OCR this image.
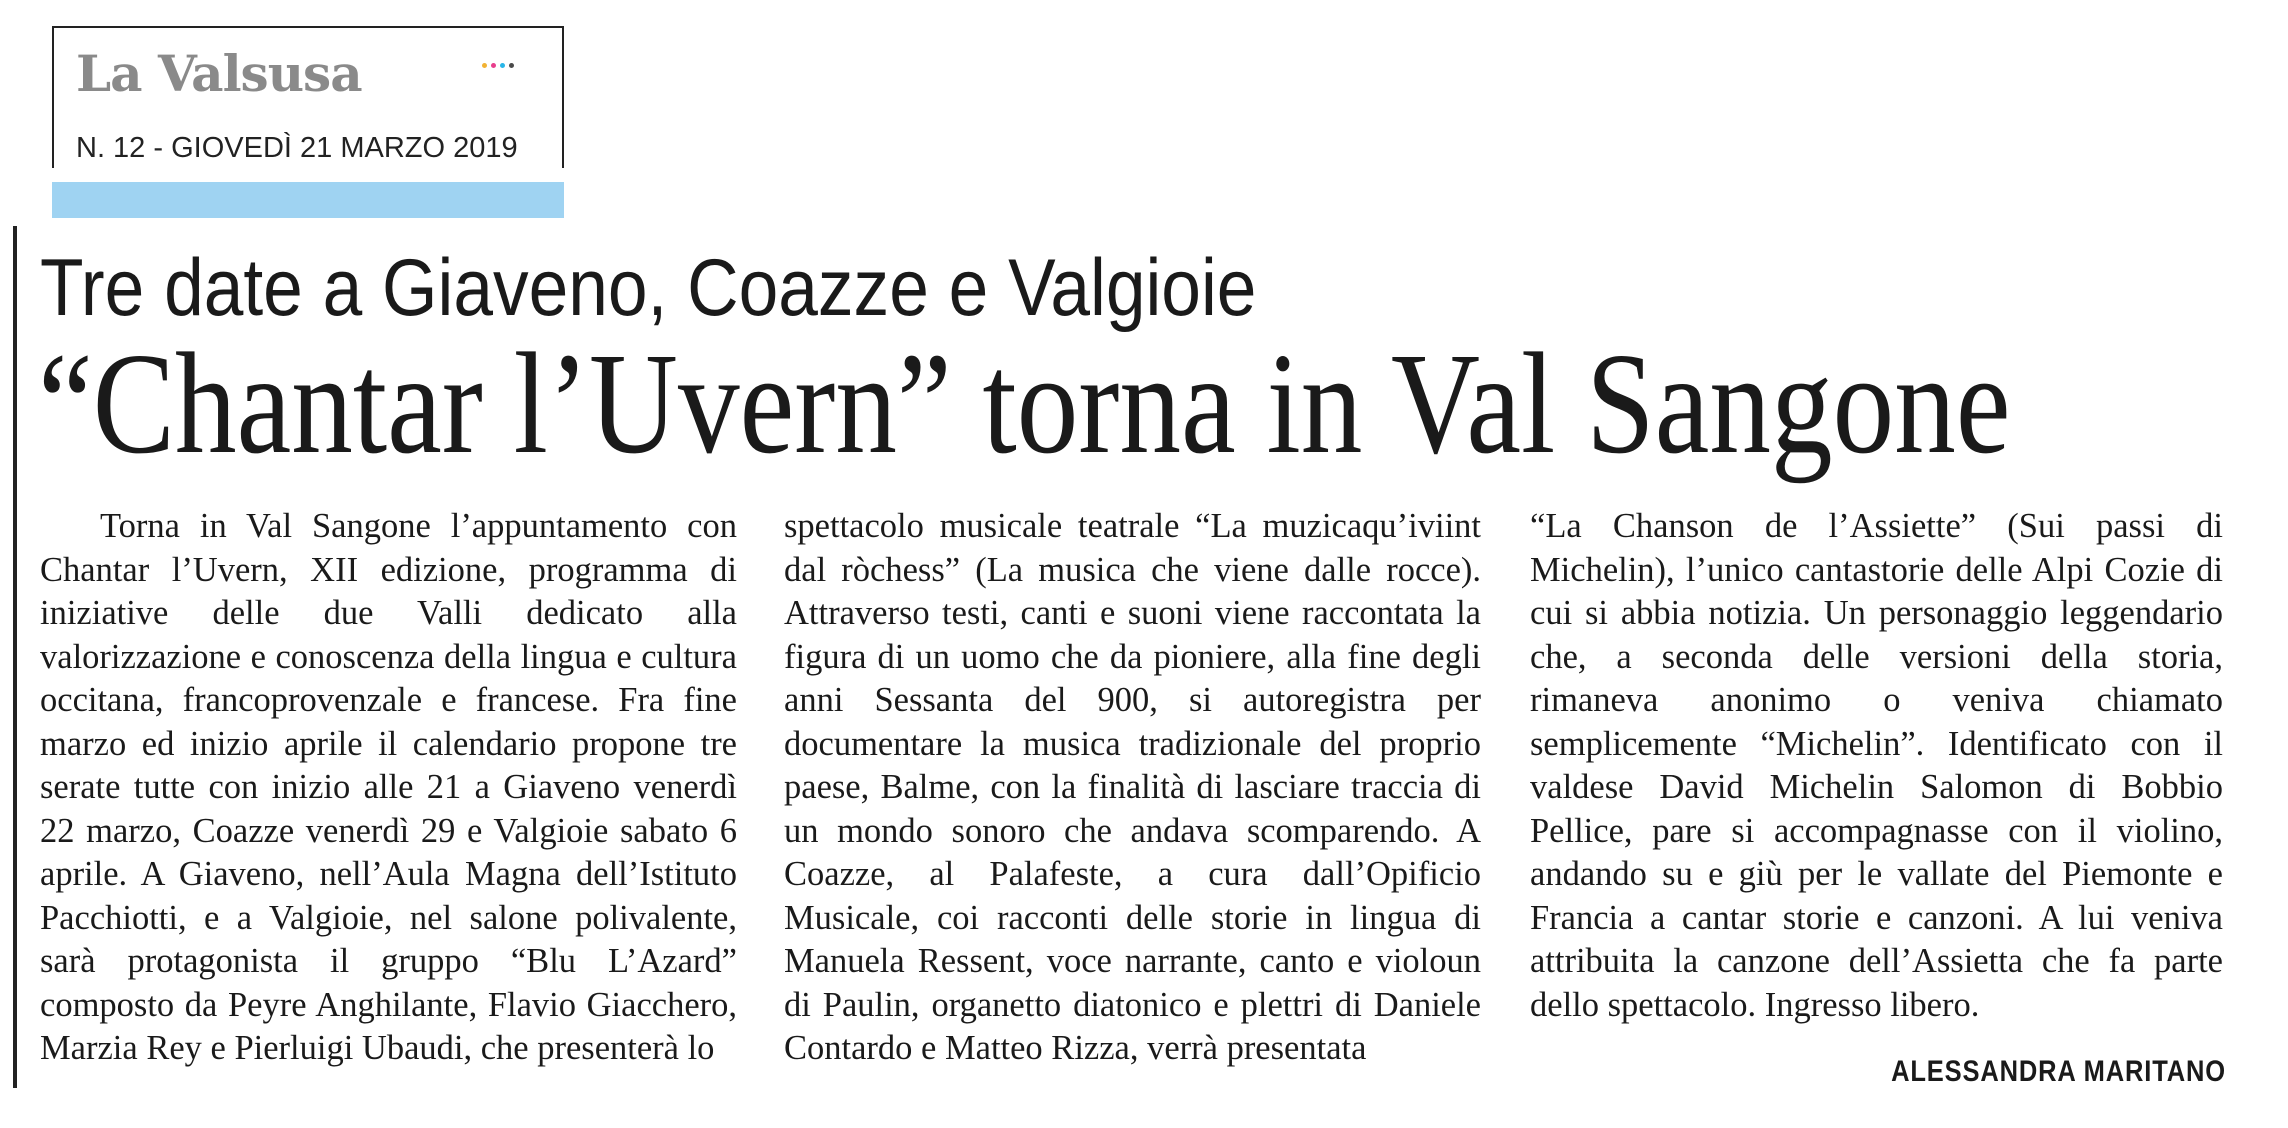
La Valsusa
N. 12 - GIOVEDÌ 21 MARZO 2019
Tre date a Giaveno, Coazze e Valgioie
“Chantar l’Uvern” torna in Val Sangone

Torna in Val Sangone l’appuntamento con Chantar l’Uvern, XII edizione, programma di iniziative delle due Valli dedicato alla valorizzazione e conoscenza della lingua e cultura occitana, francoprovenzale e francese. Fra fine marzo ed inizio aprile il calendario propone tre serate tutte con inizio alle 21 a Giaveno venerdì 22 marzo, Coazze venerdì 29 e Valgioie sabato 6 aprile. A Giaveno, nell’Aula Magna dell’Istituto Pacchiotti, e a Valgioie, nel salone polivalente, sarà protagonista il gruppo “Blu L’Azard” composto da Peyre Anghilante, Flavio Giacchero, Marzia Rey e Pierluigi Ubaudi, che presenterà lo

spettacolo musicale teatrale “La muzicaqu’iviint dal ròchess” (La musica che viene dalle rocce). Attraverso testi, canti e suoni viene raccontata la figura di un uomo che da pioniere, alla fine degli anni Sessanta del 900, si autoregistra per documentare la musica tradizionale del proprio paese, Balme, con la finalità di lasciare traccia di un mondo sonoro che andava scomparendo. A Coazze, al Palafeste, a cura dall’Opificio Musicale, coi racconti delle storie in lingua di Manuela Ressent, voce narrante, canto e violoun di Paulin, organetto diatonico e plettri di Daniele Contardo e Matteo Rizza, verrà presentata

“La Chanson de l’Assiette” (Sui passi di Michelin), l’unico cantastorie delle Alpi Cozie di cui si abbia notizia. Un personaggio leggendario che, a seconda delle versioni della storia, rimaneva anonimo o veniva chiamato semplicemente “Michelin”. Identificato con il valdese David Michelin Salomon di Bobbio Pellice, pare si accompagnasse con il violino, andando su e giù per le vallate del Piemonte e Francia a cantar storie e canzoni. A lui veniva attribuita la canzone dell’Assietta che fa parte dello spettacolo. Ingresso libero.

ALESSANDRA MARITANO
